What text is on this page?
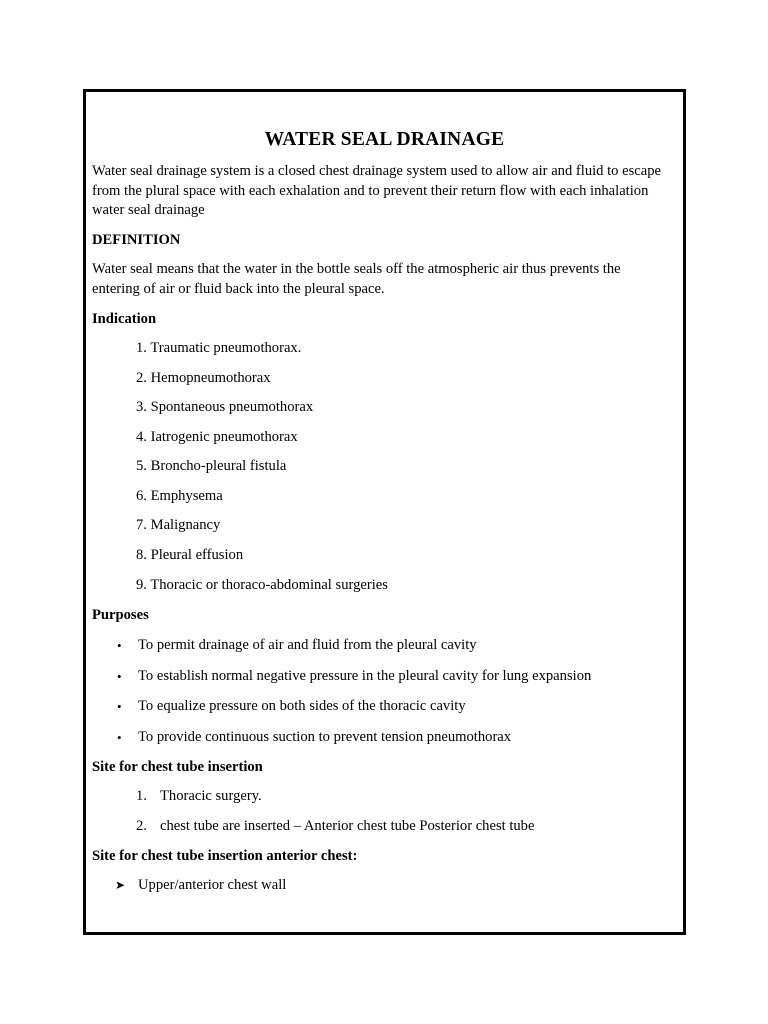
WATER SEAL DRAINAGE

Water seal drainage system is a closed chest drainage system used to allow air and fluid to escape from the plural space with each exhalation and to prevent their return flow with each inhalation water seal drainage

DEFINITION

Water seal means that the water in the bottle seals off the atmospheric air thus prevents the entering of air or fluid back into the pleural space.

Indication

1. Traumatic pneumothorax.

2. Hemopneumothorax

3. Spontaneous pneumothorax

4. Iatrogenic pneumothorax

5. Broncho-pleural fistula

6. Emphysema

7. Malignancy

8. Pleural effusion

9. Thoracic or thoraco-abdominal surgeries

Purposes

• To permit drainage of air and fluid from the pleural cavity

• To establish normal negative pressure in the pleural cavity for lung expansion

• To equalize pressure on both sides of the thoracic cavity

• To provide continuous suction to prevent tension pneumothorax

Site for chest tube insertion

1. Thoracic surgery.

2. chest tube are inserted – Anterior chest tube Posterior chest tube

Site for chest tube insertion anterior chest:

➤ Upper/anterior chest wall
